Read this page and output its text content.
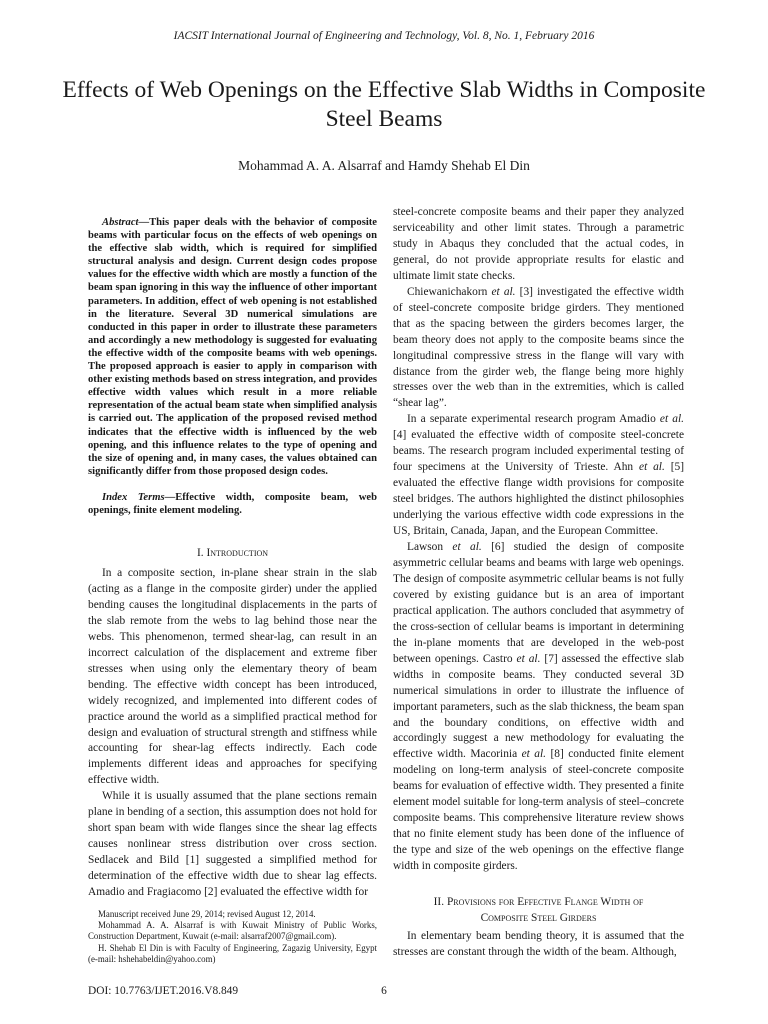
IACSIT International Journal of Engineering and Technology, Vol. 8, No. 1, February 2016
Effects of Web Openings on the Effective Slab Widths in Composite Steel Beams
Mohammad A. A. Alsarraf and Hamdy Shehab El Din

Abstract—This paper deals with the behavior of composite beams with particular focus on the effects of web openings on the effective slab width, which is required for simplified structural analysis and design. Current design codes propose values for the effective width which are mostly a function of the beam span ignoring in this way the influence of other important parameters. In addition, effect of web opening is not established in the literature. Several 3D numerical simulations are conducted in this paper in order to illustrate these parameters and accordingly a new methodology is suggested for evaluating the effective width of the composite beams with web openings. The proposed approach is easier to apply in comparison with other existing methods based on stress integration, and provides effective width values which result in a more reliable representation of the actual beam state when simplified analysis is carried out. The application of the proposed revised method indicates that the effective width is influenced by the web opening, and this influence relates to the type of opening and the size of opening and, in many cases, the values obtained can significantly differ from those proposed design codes.

Index Terms—Effective width, composite beam, web openings, finite element modeling.

I. Introduction

In a composite section, in-plane shear strain in the slab (acting as a flange in the composite girder) under the applied bending causes the longitudinal displacements in the parts of the slab remote from the webs to lag behind those near the webs. This phenomenon, termed shear-lag, can result in an incorrect calculation of the displacement and extreme fiber stresses when using only the elementary theory of beam bending. The effective width concept has been introduced, widely recognized, and implemented into different codes of practice around the world as a simplified practical method for design and evaluation of structural strength and stiffness while accounting for shear-lag effects indirectly. Each code implements different ideas and approaches for specifying effective width.

While it is usually assumed that the plane sections remain plane in bending of a section, this assumption does not hold for short span beam with wide flanges since the shear lag effects causes nonlinear stress distribution over cross section. Sedlacek and Bild [1] suggested a simplified method for determination of the effective width due to shear lag effects. Amadio and Fragiacomo [2] evaluated the effective width for

Manuscript received June 29, 2014; revised August 12, 2014.

Mohammad A. A. Alsarraf is with Kuwait Ministry of Public Works, Construction Department, Kuwait (e-mail: alsarraf2007@gmail.com).

H. Shehab El Din is with Faculty of Engineering, Zagazig University, Egypt (e-mail: hshehabeldin@yahoo.com)

steel-concrete composite beams and their paper they analyzed serviceability and other limit states. Through a parametric study in Abaqus they concluded that the actual codes, in general, do not provide appropriate results for elastic and ultimate limit state checks.

Chiewanichakorn et al. [3] investigated the effective width of steel-concrete composite bridge girders. They mentioned that as the spacing between the girders becomes larger, the beam theory does not apply to the composite beams since the longitudinal compressive stress in the flange will vary with distance from the girder web, the flange being more highly stresses over the web than in the extremities, which is called “shear lag”.

In a separate experimental research program Amadio et al. [4] evaluated the effective width of composite steel-concrete beams. The research program included experimental testing of four specimens at the University of Trieste. Ahn et al. [5] evaluated the effective flange width provisions for composite steel bridges. The authors highlighted the distinct philosophies underlying the various effective width code expressions in the US, Britain, Canada, Japan, and the European Committee.

Lawson et al. [6] studied the design of composite asymmetric cellular beams and beams with large web openings. The design of composite asymmetric cellular beams is not fully covered by existing guidance but is an area of important practical application. The authors concluded that asymmetry of the cross-section of cellular beams is important in determining the in-plane moments that are developed in the web-post between openings. Castro et al. [7] assessed the effective slab widths in composite beams. They conducted several 3D numerical simulations in order to illustrate the influence of important parameters, such as the slab thickness, the beam span and the boundary conditions, on effective width and accordingly suggest a new methodology for evaluating the effective width. Macorinia et al. [8] conducted finite element modeling on long-term analysis of steel-concrete composite beams for evaluation of effective width. They presented a finite element model suitable for long-term analysis of steel–concrete composite beams. This comprehensive literature review shows that no finite element study has been done of the influence of the type and size of the web openings on the effective flange width in composite girders.

II. Provisions for Effective Flange Width of
Composite Steel Girders

In elementary beam bending theory, it is assumed that the stresses are constant through the width of the beam. Although,

DOI: 10.7763/IJET.2016.V8.849	6
